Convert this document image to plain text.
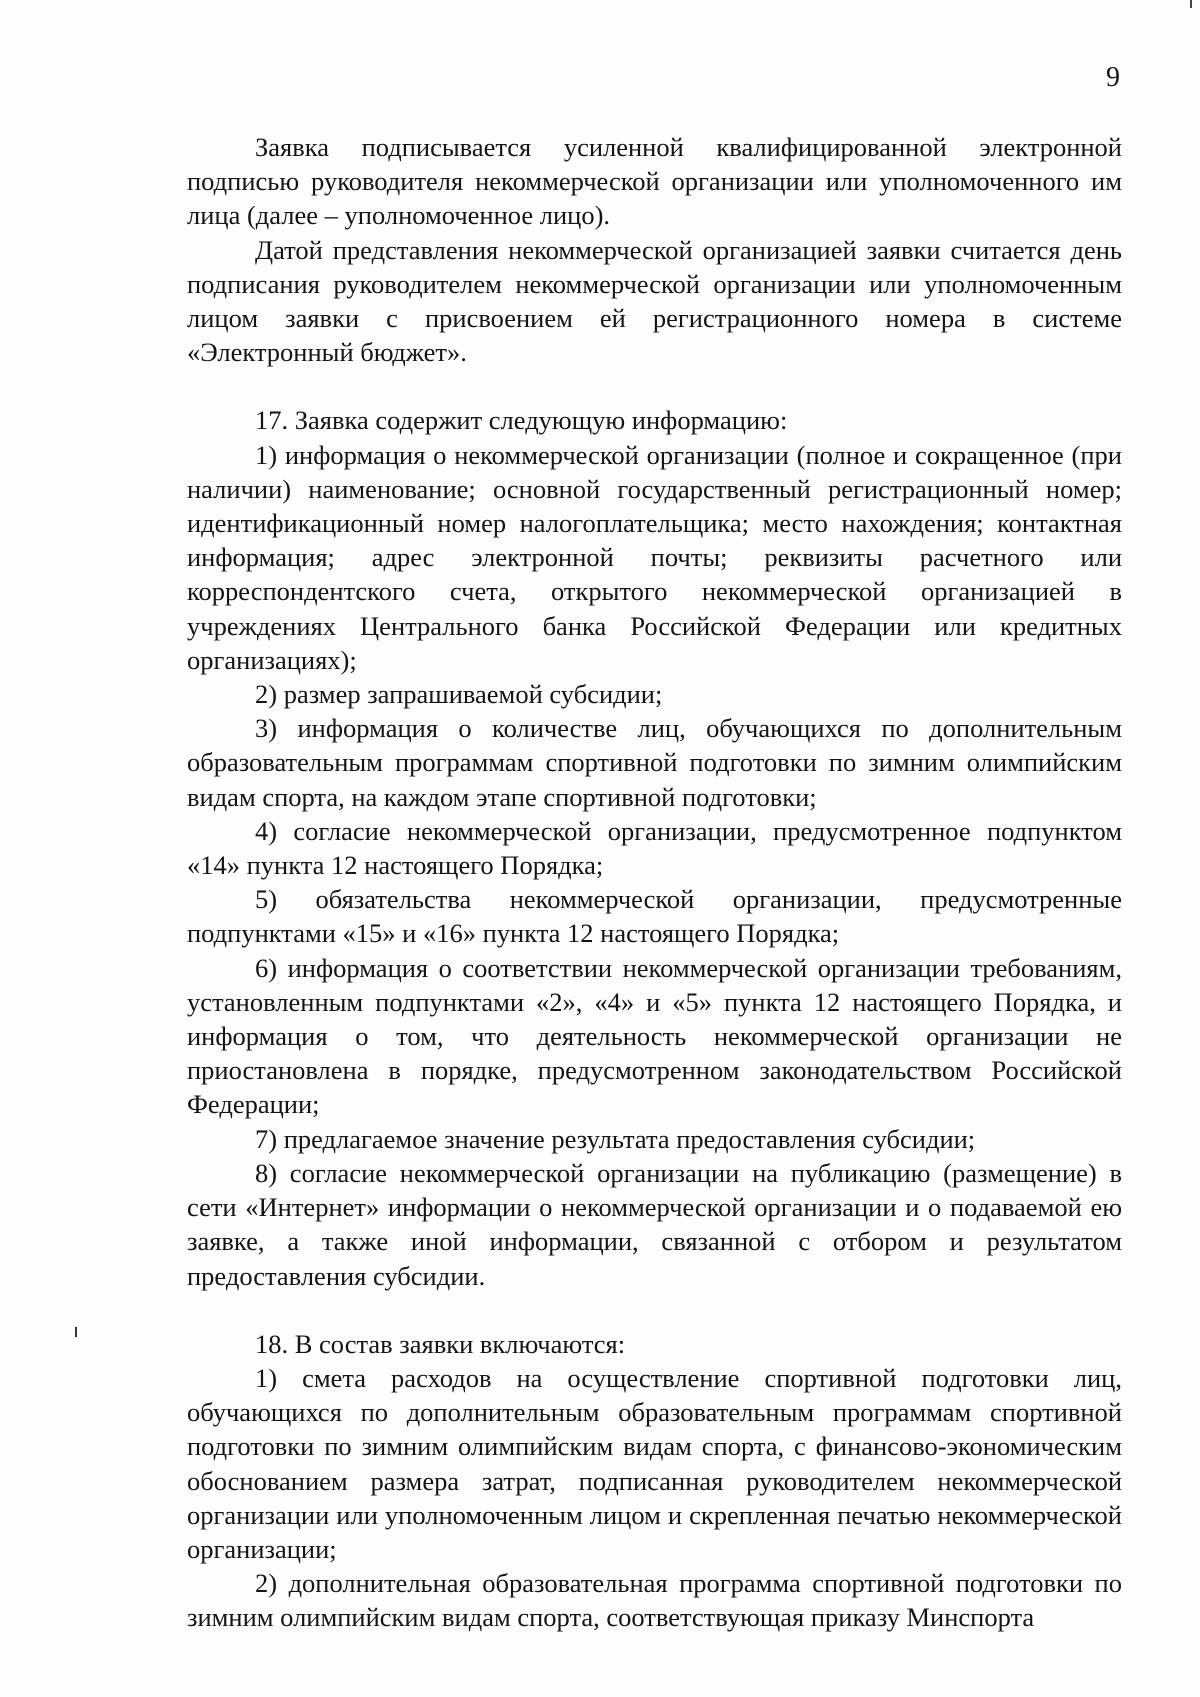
9

Заявка подписывается усиленной квалифицированной электронной подписью руководителя некоммерческой организации или уполномоченного им лица (далее – уполномоченное лицо).

Датой представления некоммерческой организацией заявки считается день подписания руководителем некоммерческой организации или уполномоченным лицом заявки с присвоением ей регистрационного номера в системе «Электронный бюджет».

17. Заявка содержит следующую информацию:

1) информация о некоммерческой организации (полное и сокращенное (при наличии) наименование; основной государственный регистрационный номер; идентификационный номер налогоплательщика; место нахождения; контактная информация; адрес электронной почты; реквизиты расчетного или корреспондентского счета, открытого некоммерческой организацией в учреждениях Центрального банка Российской Федерации или кредитных организациях);

2) размер запрашиваемой субсидии;

3) информация о количестве лиц, обучающихся по дополнительным образовательным программам спортивной подготовки по зимним олимпийским видам спорта, на каждом этапе спортивной подготовки;

4) согласие некоммерческой организации, предусмотренное подпунктом «14» пункта 12 настоящего Порядка;

5) обязательства некоммерческой организации, предусмотренные подпунктами «15» и «16» пункта 12 настоящего Порядка;

6) информация о соответствии некоммерческой организации требованиям, установленным подпунктами «2», «4» и «5» пункта 12 настоящего Порядка, и информация о том, что деятельность некоммерческой организации не приостановлена в порядке, предусмотренном законодательством Российской Федерации;

7) предлагаемое значение результата предоставления субсидии;

8) согласие некоммерческой организации на публикацию (размещение) в сети «Интернет» информации о некоммерческой организации и о подаваемой ею заявке, а также иной информации, связанной с отбором и результатом предоставления субсидии.

18. В состав заявки включаются:

1) смета расходов на осуществление спортивной подготовки лиц, обучающихся по дополнительным образовательным программам спортивной подготовки по зимним олимпийским видам спорта, с финансово-экономическим обоснованием размера затрат, подписанная руководителем некоммерческой организации или уполномоченным лицом и скрепленная печатью некоммерческой организации;

2) дополнительная образовательная программа спортивной подготовки по зимним олимпийским видам спорта, соответствующая приказу Минспорта
